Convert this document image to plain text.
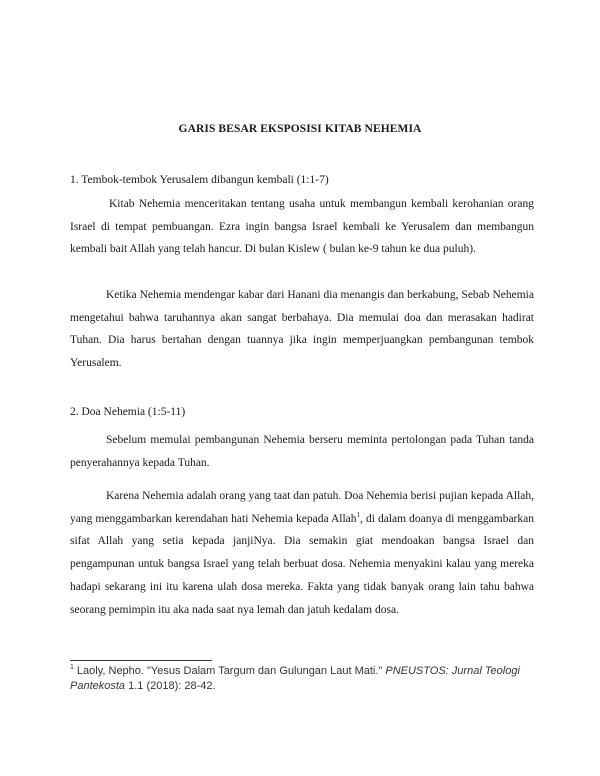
GARIS BESAR EKSPOSISI KITAB NEHEMIA
1. Tembok-tembok Yerusalem dibangun kembali (1:1-7)
Kitab Nehemia menceritakan tentang usaha untuk membangun kembali kerohanian orang Israel di tempat pembuangan. Ezra ingin bangsa Israel kembali ke Yerusalem dan membangun kembali bait Allah yang telah hancur. Di bulan Kislew ( bulan ke-9 tahun ke dua puluh).
Ketika Nehemia mendengar kabar dari Hanani dia menangis dan berkabung, Sebab Nehemia mengetahui bahwa taruhannya akan sangat berbahaya. Dia memulai doa dan merasakan hadirat Tuhan. Dia harus bertahan dengan tuannya jika ingin memperjuangkan pembangunan tembok Yerusalem.
2. Doa Nehemia (1:5-11)
Sebelum memulai pembangunan Nehemia berseru meminta pertolongan pada Tuhan tanda penyerahannya kepada Tuhan.
Karena Nehemia adalah orang yang taat dan patuh. Doa Nehemia berisi pujian kepada Allah, yang menggambarkan kerendahan hati Nehemia kepada Allah$^1$, di dalam doanya di menggambarkan sifat Allah yang setia kepada janjiNya. Dia semakin giat mendoakan bangsa Israel dan pengampunan untuk bangsa Israel yang telah berbuat dosa. Nehemia menyakini kalau yang mereka hadapi sekarang ini itu karena ulah dosa mereka. Fakta yang tidak banyak orang lain tahu bahwa seorang pemimpin itu aka nada saat nya lemah dan jatuh kedalam dosa.
$^1$ Laoly, Nepho. "Yesus Dalam Targum dan Gulungan Laut Mati." PNEUSTOS: Jurnal Teologi Pantekosta 1.1 (2018): 28-42.
